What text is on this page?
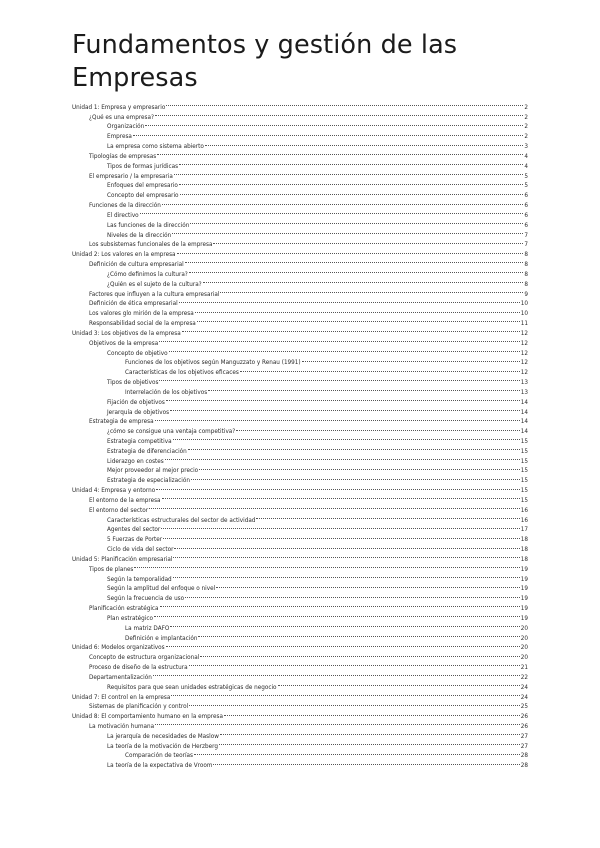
Fundamentos y gestión de las Empresas
Unidad 1: Empresa y empresario	2
¿Qué es una empresa?	2
Organización	2
Empresa	2
La empresa como sistema abierto	3
Tipologías de empresas	4
Tipos de formas jurídicas	4
El empresario / la empresaria	5
Enfoques del empresario	5
Concepto del empresario	6
Funciones de la dirección	6
El directivo	6
Las funciones de la dirección	6
Niveles de la dirección	7
Los subsistemas funcionales de la empresa	7
Unidad 2: Los valores en la empresa	8
Definición de cultura empresarial	8
¿Cómo definimos la cultura?	8
¿Quién es el sujeto de la cultura?	8
Factores que influyen a la cultura empresarial	9
Definición de ética empresarial	10
Los valores glo mirión de la empresa	10
Responsabilidad social de la empresa	11
Unidad 3: Los objetivos de la empresa	12
Objetivos de la empresa	12
Concepto de objetivo	12
Funciones de los objetivos según Manguzzato y Renau (1991)	12
Características de los objetivos eficaces	12
Tipos de objetivos	13
Interrelación de los objetivos	13
Fijación de objetivos	14
Jerarquía de objetivos	14
Estrategia de empresa	14
¿cómo se consigue una ventaja competitiva?	14
Estrategia competitiva	15
Estrategia de diferenciación	15
Liderazgo en costes	15
Mejor proveedor al mejor precio	15
Estrategia de especialización	15
Unidad 4: Empresa y entorno	15
El entorno de la empresa	15
El entorno del sector	16
Características estructurales del sector de actividad	16
Agentes del sector	17
5 Fuerzas de Porter	18
Ciclo de vida del sector	18
Unidad 5: Planificación empresarial	18
Tipos de planes	19
Según la temporalidad	19
Según la amplitud del enfoque o nivel	19
Según la frecuencia de uso	19
Planificación estratégica	19
Plan estratégico	19
La matriz DAFO	20
Definición e implantación	20
Unidad 6: Modelos organizativos	20
Concepto de estructura organizacional	20
Proceso de diseño de la estructura	21
Departamentalización	22
Requisitos para que sean unidades estratégicas de negocio	24
Unidad 7: El control en la empresa	24
Sistemas de planificación y control	25
Unidad 8: El comportamiento humano en la empresa	26
La motivación humana	26
La jerarquía de necesidades de Maslow	27
La teoría de la motivación de Herzberg	27
Comparación de teorías	28
La teoría de la expectativa de Vroom	28
